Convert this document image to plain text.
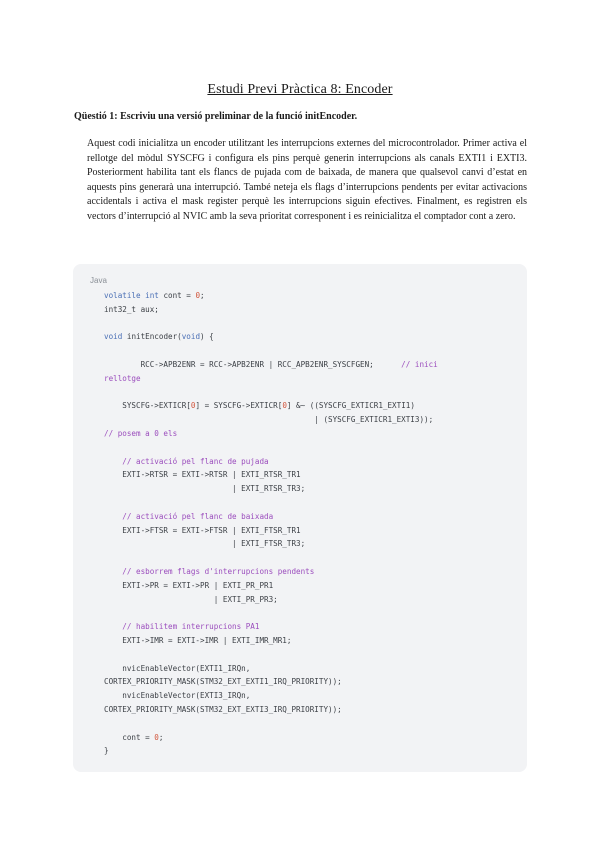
Estudi Previ Pràctica 8: Encoder
Qüestió 1: Escriviu una versió preliminar de la funció initEncoder.
Aquest codi inicialitza un encoder utilitzant les interrupcions externes del microcontrolador. Primer activa el rellotge del mòdul SYSCFG i configura els pins perquè generin interrupcions als canals EXTI1 i EXTI3. Posteriorment habilita tant els flancs de pujada com de baixada, de manera que qualsevol canvi d’estat en aquests pins generarà una interrupció. També neteja els flags d’interrupcions pendents per evitar activacions accidentals i activa el mask register perquè les interrupcions siguin efectives. Finalment, es registren els vectors d’interrupció al NVIC amb la seva prioritat corresponent i es reinicialitza el comptador cont a zero.
Java
volatile int cont = 0;
int32_t aux;
void initEncoder(void) {
RCC->APB2ENR = RCC->APB2ENR | RCC_APB2ENR_SYSCFGEN;      // inici
rellotge
SYSCFG->EXTICR[0] = SYSCFG->EXTICR[0] &~ ((SYSCFG_EXTICR1_EXTI1)
| (SYSCFG_EXTICR1_EXTI3));
// posem a 0 els
// activació pel flanc de pujada
EXTI->RTSR = EXTI->RTSR | EXTI_RTSR_TR1
| EXTI_RTSR_TR3;
// activació pel flanc de baixada
EXTI->FTSR = EXTI->FTSR | EXTI_FTSR_TR1
| EXTI_FTSR_TR3;
// esborrem flags d'interrupcions pendents
EXTI->PR = EXTI->PR | EXTI_PR_PR1
| EXTI_PR_PR3;
// habilitem interrupcions PA1
EXTI->IMR = EXTI->IMR | EXTI_IMR_MR1;
nvicEnableVector(EXTI1_IRQn,
CORTEX_PRIORITY_MASK(STM32_EXT_EXTI1_IRQ_PRIORITY));
nvicEnableVector(EXTI3_IRQn,
CORTEX_PRIORITY_MASK(STM32_EXT_EXTI3_IRQ_PRIORITY));
cont = 0;
}
